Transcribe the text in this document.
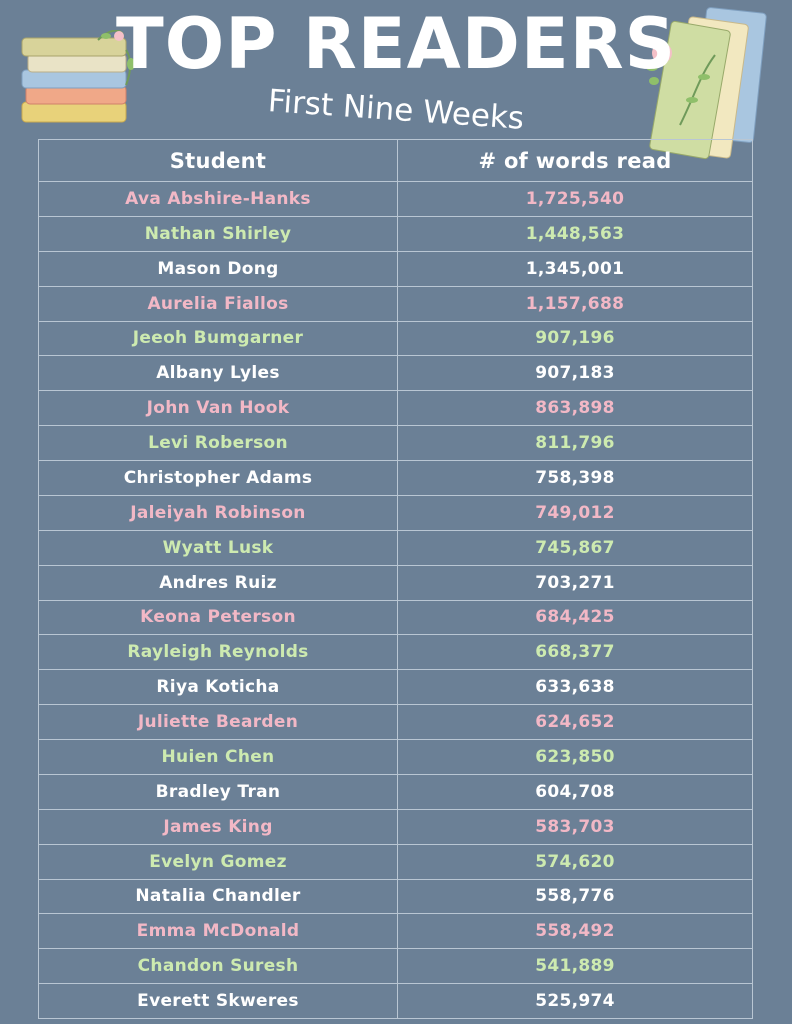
TOP READERS
First Nine Weeks
Student	# of words read
Ava Abshire-Hanks	1,725,540
Nathan Shirley	1,448,563
Mason Dong	1,345,001
Aurelia Fiallos	1,157,688
Jeeoh Bumgarner	907,196
Albany Lyles	907,183
John Van Hook	863,898
Levi Roberson	811,796
Christopher Adams	758,398
Jaleiyah Robinson	749,012
Wyatt Lusk	745,867
Andres Ruiz	703,271
Keona Peterson	684,425
Rayleigh Reynolds	668,377
Riya Koticha	633,638
Juliette Bearden	624,652
Huien Chen	623,850
Bradley Tran	604,708
James King	583,703
Evelyn Gomez	574,620
Natalia Chandler	558,776
Emma McDonald	558,492
Chandon Suresh	541,889
Everett Skweres	525,974
